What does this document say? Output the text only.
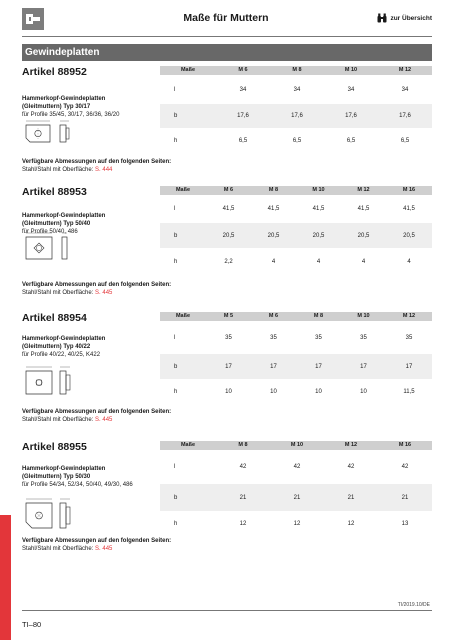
Maße für Muttern	zur Übersicht
Gewindeplatten
Artikel 88952
Hammerkopf-Gewindeplatten
(Gleitmuttern) Typ 30/17
für Profile 35/45, 30/17, 36/36, 36/20
Maße	M 6	M 8	M 10	M 12
l	34	34	34	34
b	17,6	17,6	17,6	17,6
h	6,5	6,5	6,5	6,5
Verfügbare Abmessungen auf den folgenden Seiten:
Stahl/Stahl mit Oberfläche: S. 444
Artikel 88953
Hammerkopf-Gewindeplatten
(Gleitmuttern) Typ 50/40
für Profile 50/40, 486
Maße	M 6	M 8	M 10	M 12	M 16
l	41,5	41,5	41,5	41,5	41,5
b	20,5	20,5	20,5	20,5	20,5
h	2,2	4	4	4	4
Verfügbare Abmessungen auf den folgenden Seiten:
Stahl/Stahl mit Oberfläche: S. 445
Artikel 88954
Hammerkopf-Gewindeplatten
(Gleitmuttern) Typ 40/22
für Profile 40/22, 40/25, K422
Maße	M 5	M 6	M 8	M 10	M 12
l	35	35	35	35	35
b	17	17	17	17	17
h	10	10	10	10	11,5
Verfügbare Abmessungen auf den folgenden Seiten:
Stahl/Stahl mit Oberfläche: S. 445
Artikel 88955
Hammerkopf-Gewindeplatten
(Gleitmuttern) Typ 50/30
für Profile 54/34, 52/34, 50/40, 49/30, 486
Maße	M 8	M 10	M 12	M 16
l	42	42	42	42
b	21	21	21	21
h	12	12	12	13
Verfügbare Abmessungen auf den folgenden Seiten:
Stahl/Stahl mit Oberfläche: S. 445
TI/2019.10/DE
TI–80
